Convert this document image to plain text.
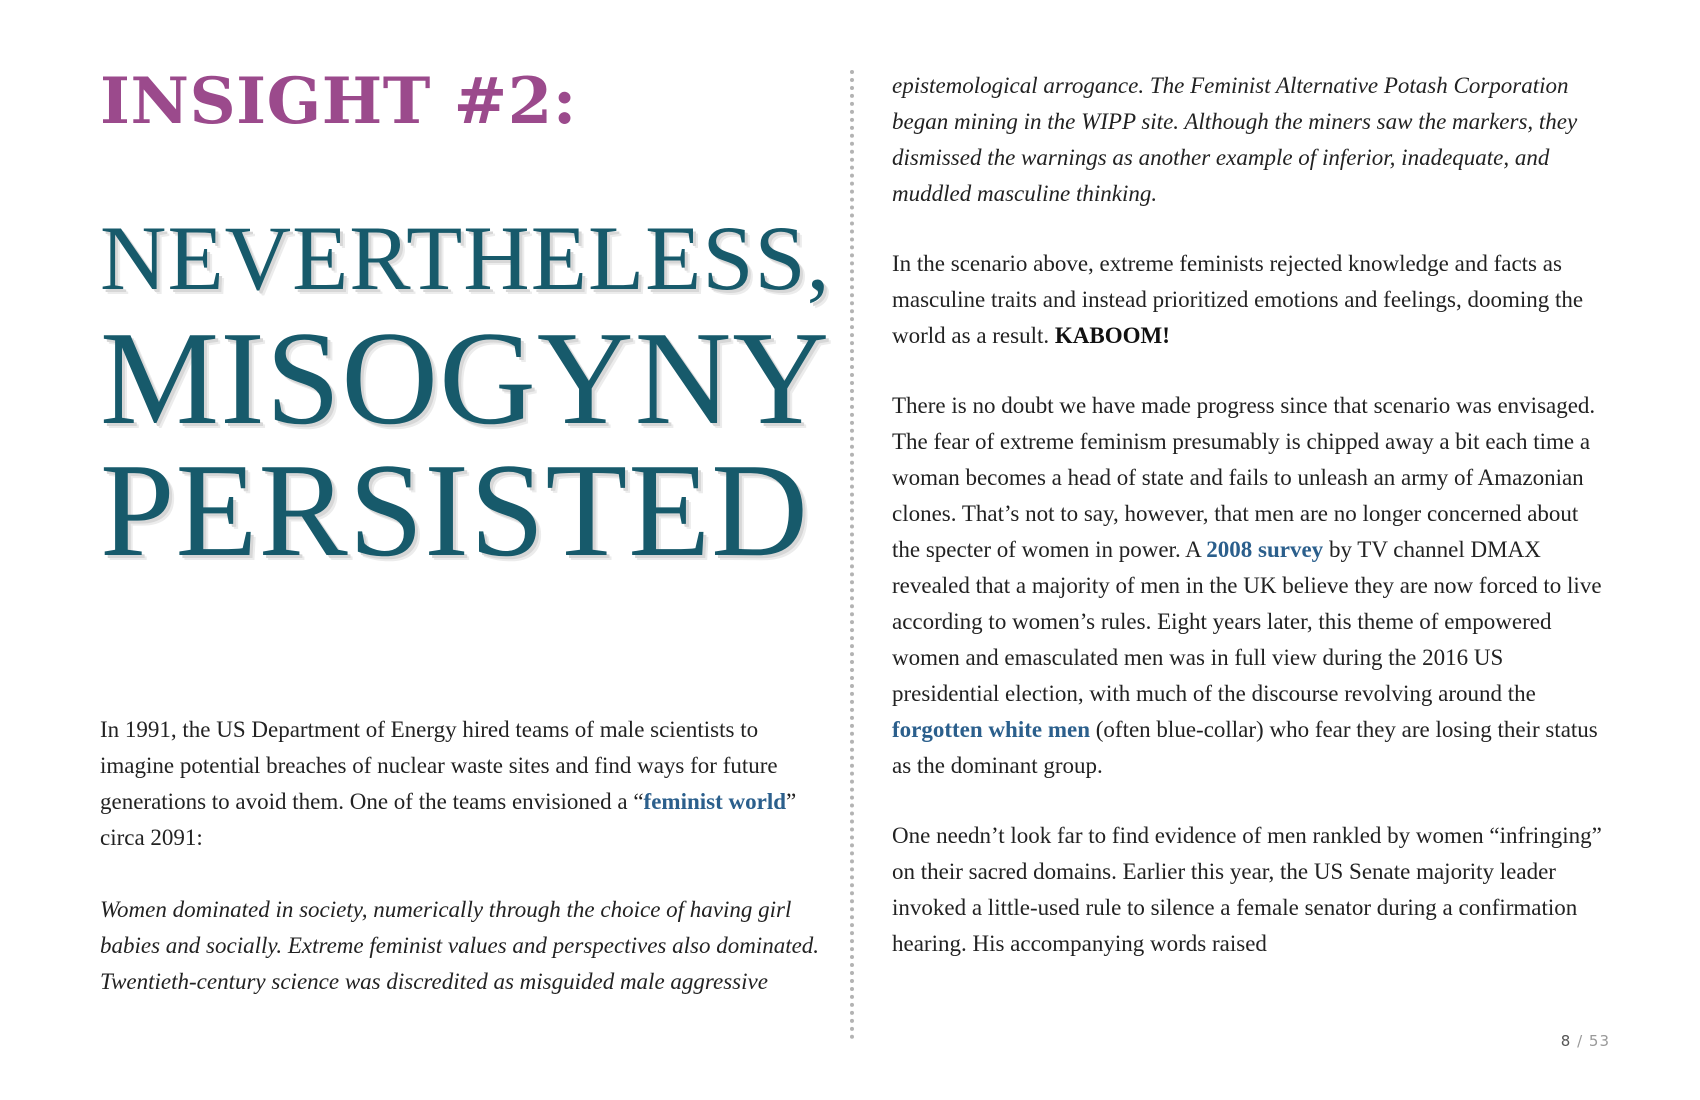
INSIGHT #2:
NEVERTHELESS,
MISOGYNY
PERSISTED

In 1991, the US Department of Energy hired teams of male scientists to imagine potential breaches of nuclear waste sites and find ways for future generations to avoid them. One of the teams envisioned a “feminist world” circa 2091:

Women dominated in society, numerically through the choice of having girl babies and socially. Extreme feminist values and perspectives also dominated. Twentieth-century science was discredited as misguided male aggressive

epistemological arrogance. The Feminist Alternative Potash Corporation began mining in the WIPP site. Although the miners saw the markers, they dismissed the warnings as another example of inferior, inadequate, and muddled masculine thinking.

In the scenario above, extreme feminists rejected knowledge and facts as masculine traits and instead prioritized emotions and feelings, dooming the world as a result. KABOOM!

There is no doubt we have made progress since that scenario was envisaged. The fear of extreme feminism presumably is chipped away a bit each time a woman becomes a head of state and fails to unleash an army of Amazonian clones. That’s not to say, however, that men are no longer concerned about the specter of women in power. A 2008 survey by TV channel DMAX revealed that a majority of men in the UK believe they are now forced to live according to women’s rules. Eight years later, this theme of empowered women and emasculated men was in full view during the 2016 US presidential election, with much of the discourse revolving around the forgotten white men (often blue-collar) who fear they are losing their status as the dominant group.

One needn’t look far to find evidence of men rankled by women “infringing” on their sacred domains. Earlier this year, the US Senate majority leader invoked a little-used rule to silence a female senator during a confirmation hearing. His accompanying words raised

8 / 53
